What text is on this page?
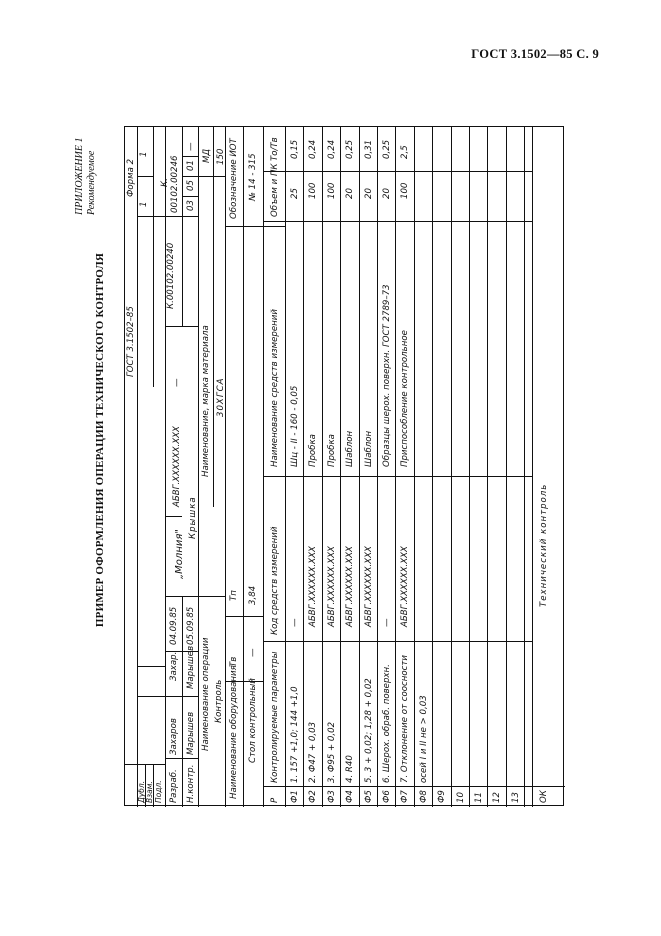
ГОСТ 3.1502—85 С. 9
ПРИЛОЖЕНИЕ 1 Рекомендуемое
ПРИМЕР ОФОРМЛЕНИЯ ОПЕРАЦИИ ТЕХНИЧЕСКОГО КОНТРОЛЯ ГОСТ 3.1502–85
Форма 2
1
1
Дубл. Взам. Подл. Разраб.
Захаров
Захар.
04.09.85
„Молния"
АБВГ.XXXXXX.XXX
—
К.00102.00240
К. 00102.00246
Н.контр.
Марышев
Марышев
05.09.85
Крышка
03
05
01
—
Наименование операции
Наименование, марка материала
МД
30ХГСА
150
Контроль Наименование оборудования
Тв
Тп
Обозначение ИОТ
Стол контрольный
—
3,84
№ 14 - 315
Р
Контролируемые параметры
Код средств измерений
Наименование средств измерений
Объем и ПК
То/Тв
Ф1
1. 157 +1,0; 144 +1,0
—
Шц - II - 160 - 0,05
25
0,15
Ф2
2. Ф47 + 0,03
АБВГ.XXXXXX.XXX
Пробка
100
0,24
Ф3
3. Ф95 + 0,02
АБВГ.XXXXXX.XXX
Пробка
100
0,24
Ф4
4. R40
АБВГ.XXXXXX.XXX
Шаблон
20
0,25
Ф5
5. 3 + 0,02; 1,28 + 0,02
АБВГ.XXXXXX.XXX
Шаблон
20
0,31
Ф6
6. Шерох. обраб. поверхн.
—
Образцы шерох. поверхн. ГОСТ 2789–73
20
0,25
Ф7
7. Отклонение от соосности
АБВГ.XXXXXX.XXX
Приспособление контрольное
100
2,5
Ф8
осей I и II не > 0,03
Ф9 10 11 12 13 ОК
Технический контроль
